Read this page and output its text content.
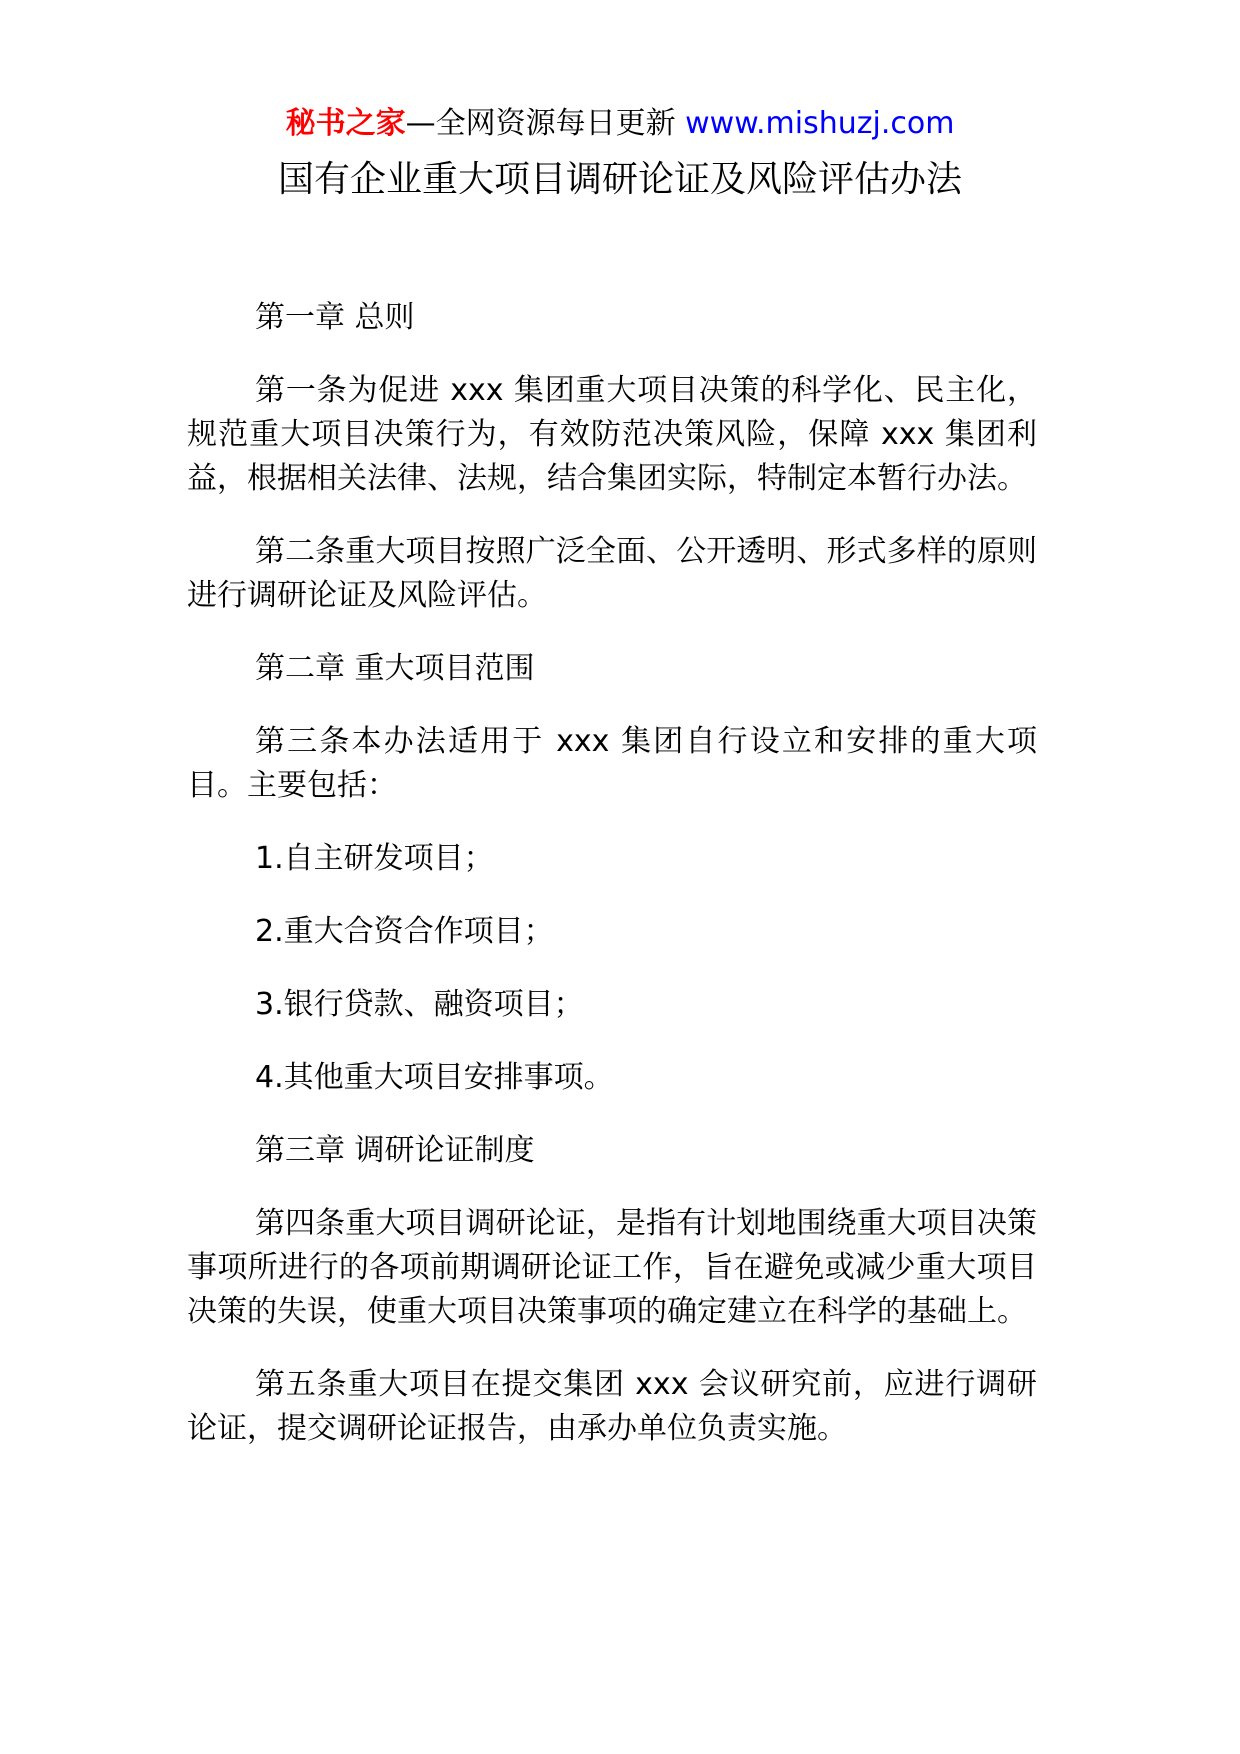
秘书之家—全网资源每日更新 www.mishuzj.com
国有企业重大项目调研论证及风险评估办法

第一章 总则

第一条为促进 xxx 集团重大项目决策的科学化、民主化，规范重大项目决策行为，有效防范决策风险，保障 xxx 集团利益，根据相关法律、法规，结合集团实际，特制定本暂行办法。

第二条重大项目按照广泛全面、公开透明、形式多样的原则进行调研论证及风险评估。

第二章 重大项目范围

第三条本办法适用于 xxx 集团自行设立和安排的重大项目。主要包括：

1.自主研发项目；

2.重大合资合作项目；

3.银行贷款、融资项目；

4.其他重大项目安排事项。

第三章 调研论证制度

第四条重大项目调研论证，是指有计划地围绕重大项目决策事项所进行的各项前期调研论证工作，旨在避免或减少重大项目决策的失误，使重大项目决策事项的确定建立在科学的基础上。

第五条重大项目在提交集团 xxx 会议研究前，应进行调研论证，提交调研论证报告，由承办单位负责实施。
